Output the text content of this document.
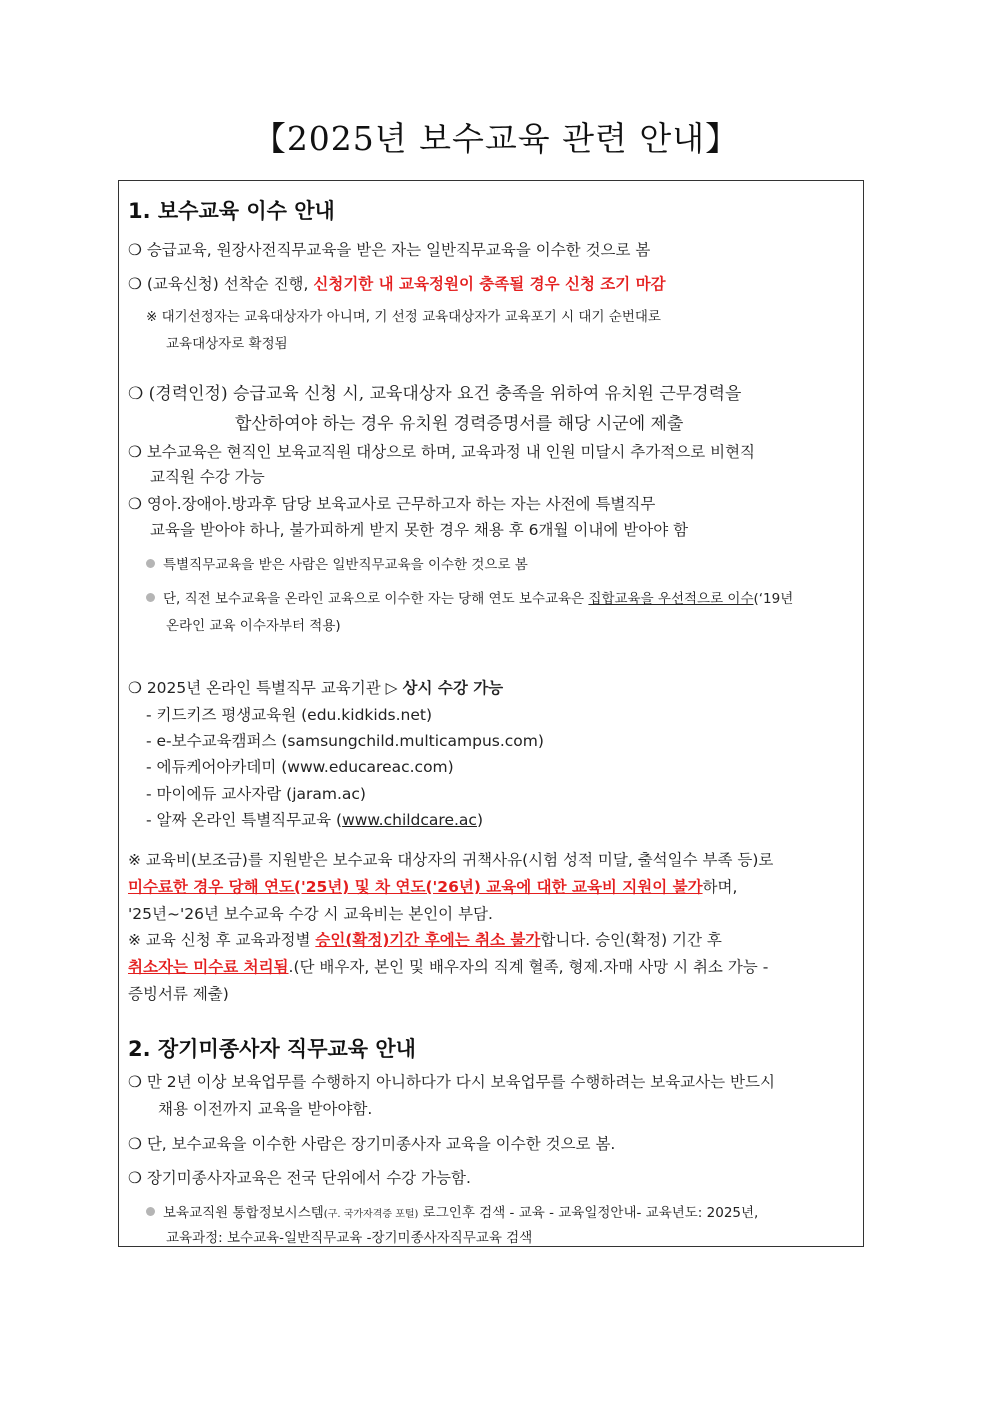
【2025년 보수교육 관련 안내】
1. 보수교육 이수 안내
❍ 승급교육, 원장사전직무교육을 받은 자는 일반직무교육을 이수한 것으로 봄
❍ (교육신청) 선착순 진행, 신청기한 내 교육정원이 충족될 경우 신청 조기 마감
※ 대기선정자는 교육대상자가 아니며, 기 선정 교육대상자가 교육포기 시 대기 순번대로
교육대상자로 확정됨
❍ (경력인정) 승급교육 신청 시, 교육대상자 요건 충족을 위하여 유치원 근무경력을
합산하여야 하는 경우 유치원 경력증명서를 해당 시군에 제출
❍ 보수교육은 현직인 보육교직원 대상으로 하며, 교육과정 내 인원 미달시 추가적으로 비현직
교직원 수강 가능
❍ 영아.장애아.방과후 담당 보육교사로 근무하고자 하는 자는 사전에 특별직무
교육을 받아야 하나, 불가피하게 받지 못한 경우 채용 후 6개월 이내에 받아야 함
특별직무교육을 받은 사람은 일반직무교육을 이수한 것으로 봄
단, 직전 보수교육을 온라인 교육으로 이수한 자는 당해 연도 보수교육은 집합교육을 우선적으로 이수(‘19년
온라인 교육 이수자부터 적용)
❍ 2025년 온라인 특별직무 교육기관 ▷ 상시 수강 가능
- 키드키즈 평생교육원 (edu.kidkids.net)
- e-보수교육캠퍼스 (samsungchild.multicampus.com)
- 에듀케어아카데미 (www.educareac.com)
- 마이에듀 교사자람 (jaram.ac)
- 알짜 온라인 특별직무교육 (www.childcare.ac)
※ 교육비(보조금)를 지원받은 보수교육 대상자의 귀책사유(시험 성적 미달, 출석일수 부족 등)로
미수료한 경우 당해 연도('25년) 및 차 연도('26년) 교육에 대한 교육비 지원이 불가하며,
'25년~'26년 보수교육 수강 시 교육비는 본인이 부담.
※ 교육 신청 후 교육과정별 승인(확정)기간 후에는 취소 불가합니다. 승인(확정) 기간 후
취소자는 미수료 처리됨.(단 배우자, 본인 및 배우자의 직계 혈족, 형제.자매 사망 시 취소 가능 -
증빙서류 제출)
2. 장기미종사자 직무교육 안내
❍ 만 2년 이상 보육업무를 수행하지 아니하다가 다시 보육업무를 수행하려는 보육교사는 반드시
채용 이전까지 교육을 받아야함.
❍ 단, 보수교육을 이수한 사람은 장기미종사자 교육을 이수한 것으로 봄.
❍ 장기미종사자교육은 전국 단위에서 수강 가능함.
보육교직원 통합정보시스템(구. 국가자격증 포털) 로그인후 검색 - 교육 - 교육일정안내- 교육년도: 2025년,
교육과정: 보수교육-일반직무교육 -장기미종사자직무교육 검색
